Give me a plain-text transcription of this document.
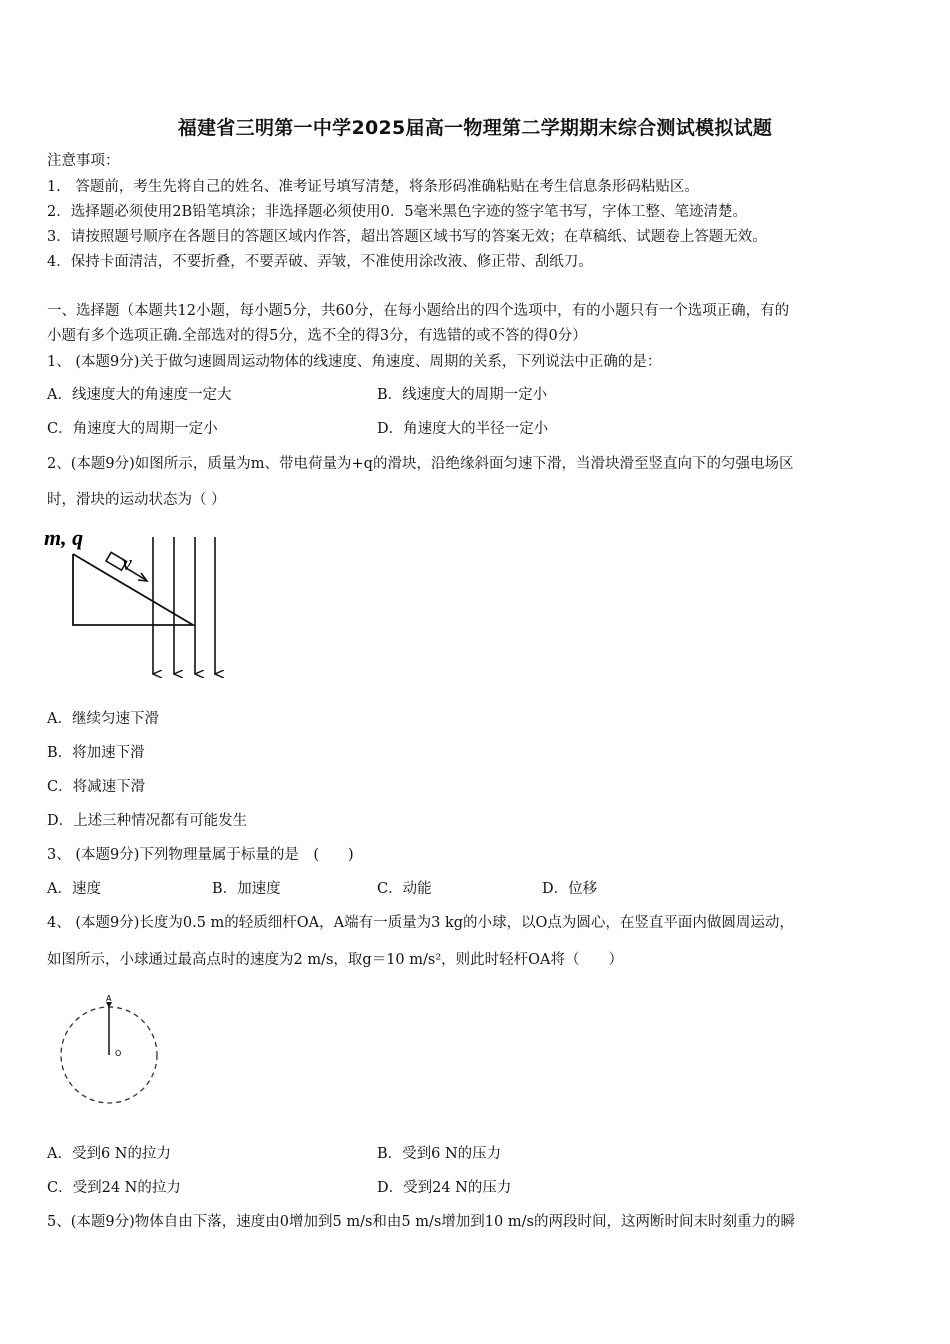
福建省三明第一中学2025届高一物理第二学期期末综合测试模拟试题
注意事项：
1.　答题前，考生先将自己的姓名、准考证号填写清楚，将条形码准确粘贴在考生信息条形码粘贴区。
2．选择题必须使用2B铅笔填涂；非选择题必须使用0．5毫米黑色字迹的签字笔书写，字体工整、笔迹清楚。
3．请按照题号顺序在各题目的答题区域内作答，超出答题区域书写的答案无效；在草稿纸、试题卷上答题无效。
4．保持卡面清洁，不要折叠，不要弄破、弄皱，不准使用涂改液、修正带、刮纸刀。
一、选择题（本题共12小题，每小题5分，共60分，在每小题给出的四个选项中，有的小题只有一个选项正确，有的
小题有多个选项正确.全部选对的得5分，选不全的得3分，有选错的或不答的得0分）
1、 (本题9分)关于做匀速圆周运动物体的线速度、角速度、周期的关系，下列说法中正确的是：
A．线速度大的角速度一定大	B．线速度大的周期一定小
C．角速度大的周期一定小	D．角速度大的半径一定小
2、(本题9分)如图所示，质量为m、带电荷量为+q的滑块，沿绝缘斜面匀速下滑，当滑块滑至竖直向下的匀强电场区
时，滑块的运动状态为（ ）
m, q
v
A．继续匀速下滑
B．将加速下滑
C．将减速下滑
D．上述三种情况都有可能发生
3、 (本题9分)下列物理量属于标量的是　(　　)
A．速度	B．加速度	C．动能	D．位移
4、 (本题9分)长度为0.5 m的轻质细杆OA，A端有一质量为3 kg的小球，以O点为圆心，在竖直平面内做圆周运动，
如图所示，小球通过最高点时的速度为2 m/s，取g＝10 m/s²，则此时轻杆OA将（　　）
A
O
A．受到6 N的拉力	B．受到6 N的压力
C．受到24 N的拉力	D．受到24 N的压力
5、(本题9分)物体自由下落，速度由0增加到5 m/s和由5 m/s增加到10 m/s的两段时间，这两断时间末时刻重力的瞬
